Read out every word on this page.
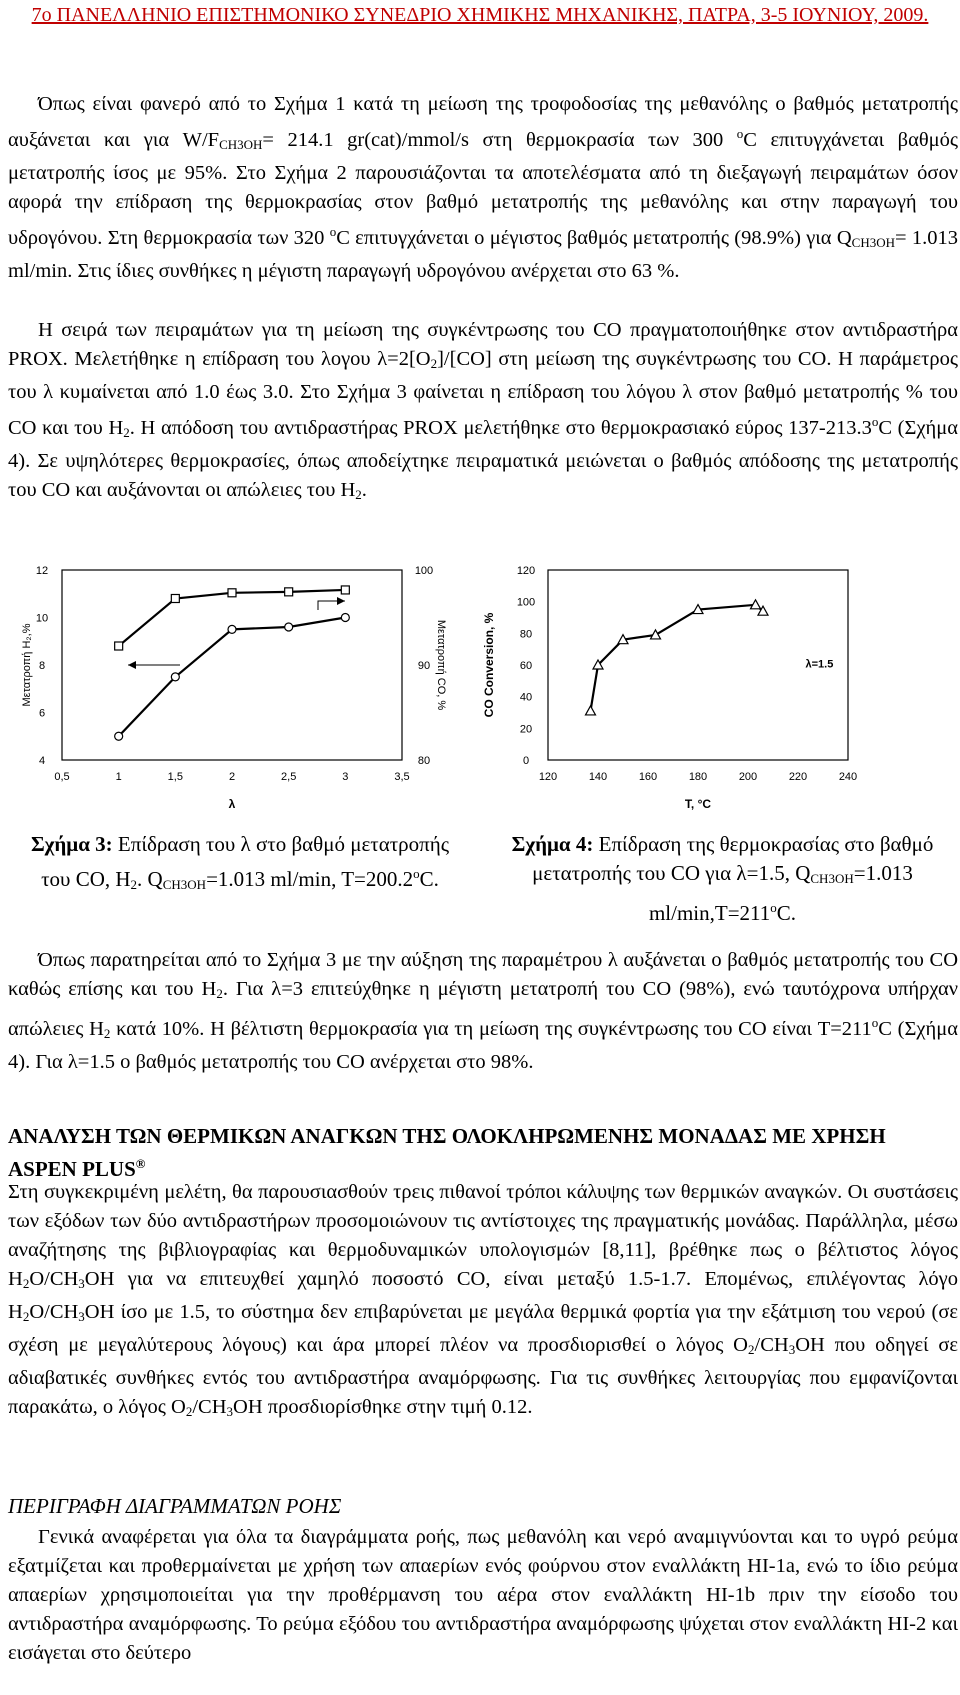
7ο ΠΑΝΕΛΛΗΝΙΟ ΕΠΙΣΤΗΜΟΝΙΚΟ ΣΥΝΕΔΡΙΟ ΧΗΜΙΚΗΣ ΜΗΧΑΝΙΚΗΣ, ΠΑΤΡΑ, 3-5 ΙΟΥΝΙΟΥ, 2009.
Όπως είναι φανερό από το Σχήμα 1 κατά τη μείωση της τροφοδοσίας της μεθανόλης ο βαθμός μετατροπής αυξάνεται και για $W/F_{CH3OH}= 214.1$ gr(cat)/mmol/s στη θερμοκρασία των 300 $^o$C επιτυγχάνεται βαθμός μετατροπής ίσος με 95%. Στο Σχήμα 2 παρουσιάζονται τα αποτελέσματα από τη διεξαγωγή πειραμάτων όσον αφορά την επίδραση της θερμοκρασίας στον βαθμό μετατροπής της μεθανόλης και στην παραγωγή του υδρογόνου. Στη θερμοκρασία των 320 $^o$C επιτυγχάνεται ο μέγιστος βαθμός μετατροπής (98.9%) για $Q_{CH3OH}= 1.013$ ml/min. Στις ίδιες συνθήκες η μέγιστη παραγωγή υδρογόνου ανέρχεται στο 63 %.
Η σειρά των πειραμάτων για τη μείωση της συγκέντρωσης του CO πραγματοποιήθηκε στον αντιδραστήρα PROX. Μελετήθηκε η επίδραση του λογου $\lambda=2[O_2]/[CO]$ στη μείωση της συγκέντρωσης του CO. Η παράμετρος του λ κυμαίνεται από 1.0 έως 3.0. Στο Σχήμα 3 φαίνεται η επίδραση του λόγου λ στον βαθμό μετατροπής % του CO και του $H_2$. Η απόδοση του αντιδραστήρας PROX μελετήθηκε στο θερμοκρασιακό εύρος 137-213.3$^o$C (Σχήμα 4). Σε υψηλότερες θερμοκρασίες, όπως αποδείχτηκε πειραματικά μειώνεται ο βαθμός απόδοσης της μετατροπής του CO και αυξάνονται οι απώλειες του $H_2$.
4
6
8
10
12
80
90
100
0,5	1	1,5	2	2,5	3	3,5
λ
Μετατροπή H₂,%	Μετατροπή CO, %
0
20
40
60
80
100
120
120	140	160	180	200	220	240
T, °C
CO Conversion, %	λ=1.5
Σχήμα 3: Επίδραση του λ στο βαθμό μετατροπής του CO, $H_2$. $Q_{CH3OH}=1.013$ ml/min, $T=200.2^oC$.
Σχήμα 4: Επίδραση της θερμοκρασίας στο βαθμό μετατροπής του CO για λ=1.5, $Q_{CH3OH}=1.013$ $ml/\min,T=211^oC$.
Όπως παρατηρείται από το Σχήμα 3 με την αύξηση της παραμέτρου λ αυξάνεται ο βαθμός μετατροπής του CO καθώς επίσης και του $H_2$. Για λ=3 επιτεύχθηκε η μέγιστη μετατροπή του CO (98%), ενώ ταυτόχρονα υπήρχαν απώλειες $H_2$ κατά 10%. Η βέλτιστη θερμοκρασία για τη μείωση της συγκέντρωσης του CO είναι $T=211^oC$ (Σχήμα 4). Για λ=1.5 ο βαθμός μετατροπής του CO ανέρχεται στο 98%.
ΑΝΑΛΥΣΗ ΤΩΝ ΘΕΡΜΙΚΩΝ ΑΝΑΓΚΩΝ ΤΗΣ ΟΛΟΚΛΗΡΩΜΕΝΗΣ ΜΟΝΑΔΑΣ ΜΕ ΧΡΗΣΗ ASPEN PLUS®
Στη συγκεκριμένη μελέτη, θα παρουσιασθούν τρεις πιθανοί τρόποι κάλυψης των θερμικών αναγκών. Οι συστάσεις των εξόδων των δύο αντιδραστήρων προσομοιώνουν τις αντίστοιχες της πραγματικής μονάδας. Παράλληλα, μέσω αναζήτησης της βιβλιογραφίας και θερμοδυναμικών υπολογισμών [8,11], βρέθηκε πως ο βέλτιστος λόγος $H_2O/CH_3OH$ για να επιτευχθεί χαμηλό ποσοστό CO, είναι μεταξύ 1.5-1.7. Επομένως, επιλέγοντας λόγο $H_2O/CH_3OH$ ίσο με 1.5, το σύστημα δεν επιβαρύνεται με μεγάλα θερμικά φορτία για την εξάτμιση του νερού (σε σχέση με μεγαλύτερους λόγους) και άρα μπορεί πλέον να προσδιορισθεί ο λόγος $O_2/CH_3OH$ που οδηγεί σε αδιαβατικές συνθήκες εντός του αντιδραστήρα αναμόρφωσης. Για τις συνθήκες λειτουργίας που εμφανίζονται παρακάτω, ο λόγος $O_2/CH_3OH$ προσδιορίσθηκε στην τιμή 0.12.
ΠΕΡΙΓΡΑΦΗ ΔΙΑΓΡΑΜΜΑΤΩΝ ΡΟΗΣ
Γενικά αναφέρεται για όλα τα διαγράμματα ροής, πως μεθανόλη και νερό αναμιγνύονται και το υγρό ρεύμα εξατμίζεται και προθερμαίνεται με χρήση των απαερίων ενός φούρνου στον εναλλάκτη HI-1a, ενώ το ίδιο ρεύμα απαερίων χρησιμοποιείται για την προθέρμανση του αέρα στον εναλλάκτη HI-1b πριν την είσοδο του αντιδραστήρα αναμόρφωσης. Το ρεύμα εξόδου του αντιδραστήρα αναμόρφωσης ψύχεται στον εναλλάκτη HI-2 και εισάγεται στο δεύτερο
